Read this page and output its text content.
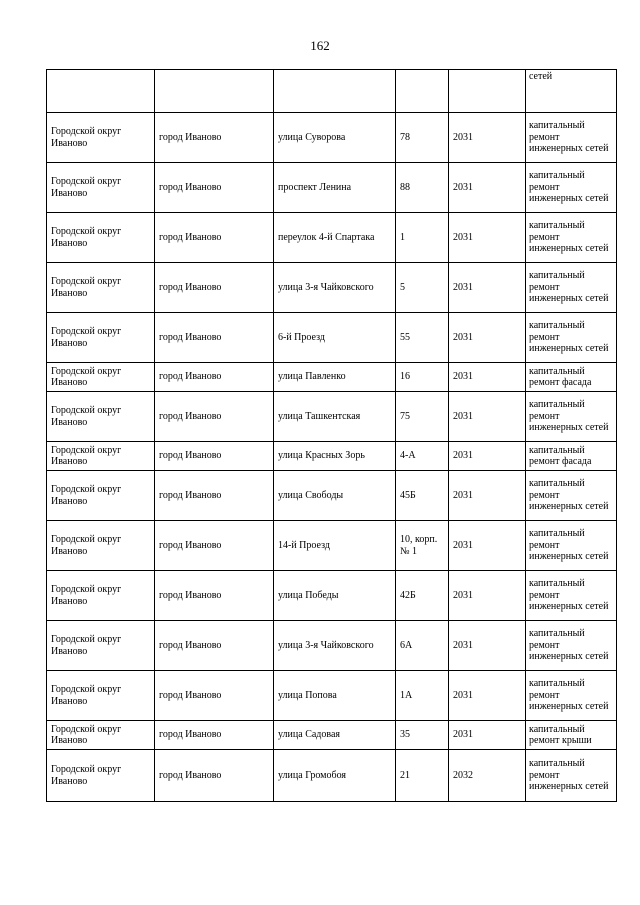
162
					сетей
Городской округ Иваново	город Иваново	улица Суворова	78	2031	капитальный ремонт инженерных сетей
Городской округ Иваново	город Иваново	проспект Ленина	88	2031	капитальный ремонт инженерных сетей
Городской округ Иваново	город Иваново	переулок 4-й Спартака	1	2031	капитальный ремонт инженерных сетей
Городской округ Иваново	город Иваново	улица 3-я Чайковского	5	2031	капитальный ремонт инженерных сетей
Городской округ Иваново	город Иваново	6-й Проезд	55	2031	капитальный ремонт инженерных сетей
Городской округ Иваново	город Иваново	улица Павленко	16	2031	капитальный ремонт фасада
Городской округ Иваново	город Иваново	улица Ташкентская	75	2031	капитальный ремонт инженерных сетей
Городской округ Иваново	город Иваново	улица Красных Зорь	4-А	2031	капитальный ремонт фасада
Городской округ Иваново	город Иваново	улица Свободы	45Б	2031	капитальный ремонт инженерных сетей
Городской округ Иваново	город Иваново	14-й Проезд	10, корп. № 1	2031	капитальный ремонт инженерных сетей
Городской округ Иваново	город Иваново	улица Победы	42Б	2031	капитальный ремонт инженерных сетей
Городской округ Иваново	город Иваново	улица 3-я Чайковского	6А	2031	капитальный ремонт инженерных сетей
Городской округ Иваново	город Иваново	улица Попова	1А	2031	капитальный ремонт инженерных сетей
Городской округ Иваново	город Иваново	улица Садовая	35	2031	капитальный ремонт крыши
Городской округ Иваново	город Иваново	улица Громобоя	21	2032	капитальный ремонт инженерных сетей
